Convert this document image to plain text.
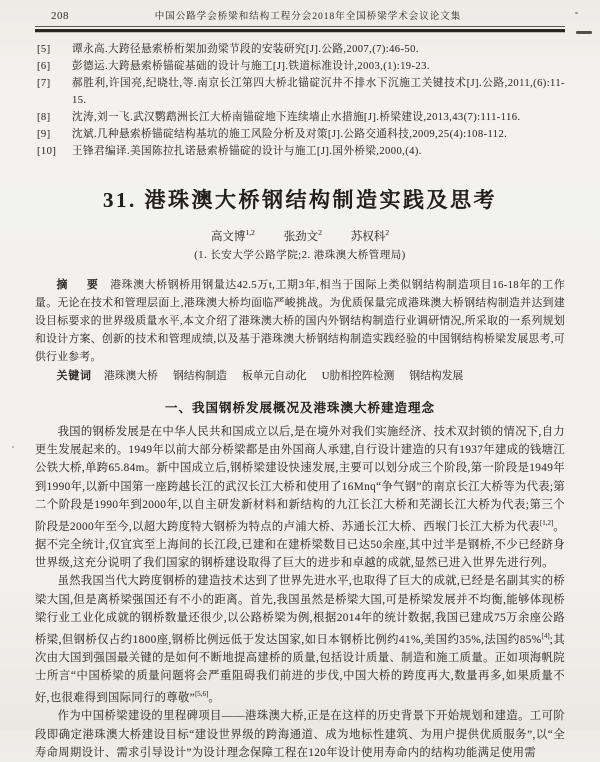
208	中国公路学会桥梁和结构工程分会2018年全国桥梁学术会议论文集

[5]	谭永高.大跨径悬索桥桁架加劲梁节段的安装研究[J].公路,2007,(7):46-50.

[6]	彭德运.大跨悬索桥锚碇基础的设计与施工[J].铁道标准设计,2003,(1):19-23.

[7]	郝胜利,许国亮,纪晓壮,等.南京长江第四大桥北锚碇沉井不排水下沉施工关键技术[J].公路,2011,(6):11-15.

[8]	沈涛,刘一飞.武汉鹦鹉洲长江大桥南锚碇地下连续墙止水措施[J].桥梁建设,2013,43(7):111-116.

[9]	沈斌.几种悬索桥锚碇结构基坑的施工风险分析及对策[J].公路交通科技,2009,25(4):108-112.

[10]	王锋君编译.美国陈拉扎诺悬索桥锚碇的设计与施工[J].国外桥梁,2000,(4).

31. 港珠澳大桥钢结构制造实践及思考
高文博$^{1,2}$	张劲文$^2$	苏权科$^2$
(1. 长安大学公路学院;2. 港珠澳大桥管理局)

摘　要 港珠澳大桥钢桥用钢量达42.5万t,工期3年,相当于国际上类似钢结构制造项目16-18年的工作量。无论在技术和管理层面上,港珠澳大桥均面临严峻挑战。为优质保量完成港珠澳大桥钢结构制造并达到建设目标要求的世界级质量水平,本文介绍了港珠澳大桥的国内外钢结构制造行业调研情况,所采取的一系列规划和设计方案、创新的技术和管理成绩,以及基于港珠澳大桥钢结构制造实践经验的中国钢结构桥梁发展思考,可供行业参考。

关键词 港珠澳大桥 钢结构制造 板单元自动化 U肋相控阵检测 钢结构发展

一、我国钢桥发展概况及港珠澳大桥建造理念

我国的钢桥发展是在中华人民共和国成立以后,是在境外对我们实施经济、技术双封锁的情况下,自力更生发展起来的。1949年以前大部分桥梁都是由外国商人承建,自行设计建造的只有1937年建成的钱塘江公铁大桥,单跨65.84m。新中国成立后,钢桥梁建设快速发展,主要可以划分成三个阶段,第一阶段是1949年到1990年,以新中国第一座跨越长江的武汉长江大桥和使用了16Mnq“争气钢”的南京长江大桥等为代表;第二个阶段是1990年到2000年,以自主研发新材料和新结构的九江长江大桥和芜湖长江大桥为代表;第三个阶段是2000年至今,以超大跨度特大钢桥为特点的卢浦大桥、苏通长江大桥、西堠门长江大桥为代表[1,2]。据不完全统计,仅宜宾至上海间的长江段,已建和在建桥梁数目已达50余座,其中过半是钢桥,不少已经跻身世界级,这充分说明了我们国家的钢桥建设取得了巨大的进步和卓越的成就,显然已进入世界先进行列。

虽然我国当代大跨度钢桥的建造技术达到了世界先进水平,也取得了巨大的成就,已经是名副其实的桥梁大国,但是离桥梁强国还有不小的距离。首先,我国虽然是桥梁大国,可是桥梁发展并不均衡,能够体现桥梁行业工业化成就的钢桥数量还很少,以公路桥梁为例,根据2014年的统计数据,我国已建成75万余座公路桥梁,但钢桥仅占约1800座,钢桥比例远低于发达国家,如日本钢桥比例约41%,美国约35%,法国约85%[4];其次由大国到强国最关键的是如何不断地提高建桥的质量,包括设计质量、制造和施工质量。正如项海帆院士所言“中国桥梁的质量问题将会严重阻碍我们前进的步伐,中国大桥的跨度再大,数量再多,如果质量不好,也很难得到国际同行的尊敬”[5,6]。

作为中国桥梁建设的里程碑项目——港珠澳大桥,正是在这样的历史背景下开始规划和建造。工可阶段即确定港珠澳大桥建设目标“建设世界级的跨海通道、成为地标性建筑、为用户提供优质服务”,以“全寿命周期设计、需求引导设计”为设计理念保障工程在120年设计使用寿命内的结构功能满足使用需
